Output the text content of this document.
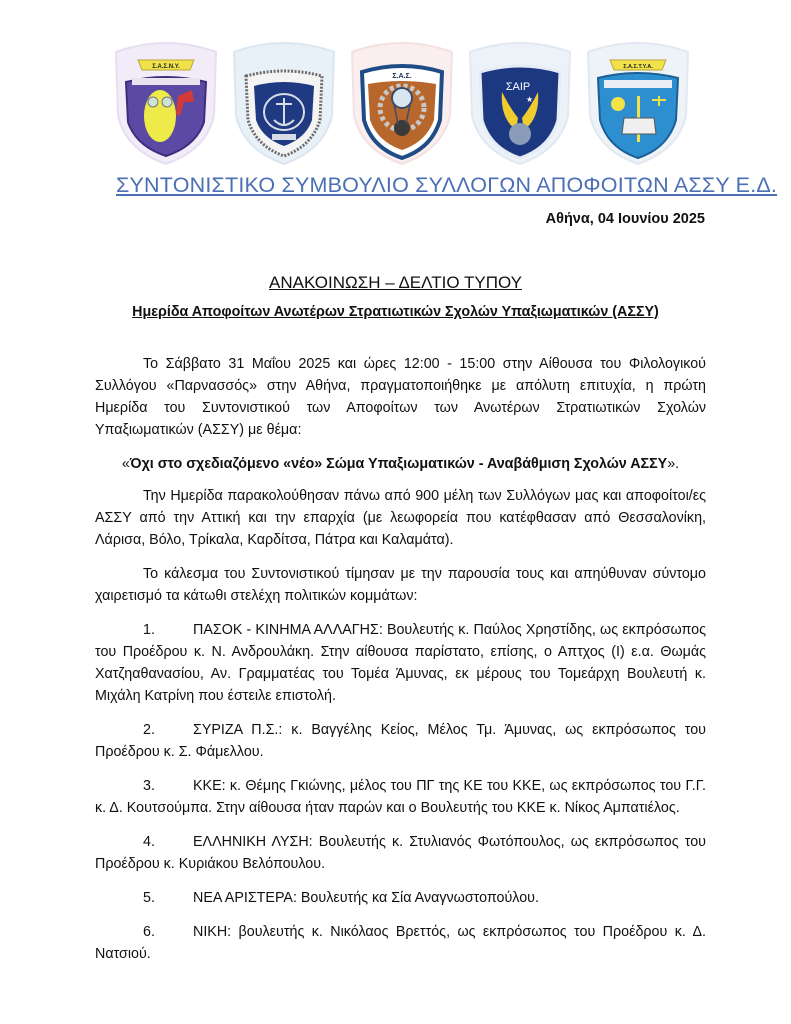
Σ.Α.Σ.Ν.Υ.
Σ.Α.Σ.
ΣΑΙΡ
★
Σ.Α.Σ.Τ.Υ.Α.
ΣΥΝΤΟΝΙΣΤΙΚΟ ΣΥΜΒΟΥΛΙΟ ΣΥΛΛΟΓΩΝ ΑΠΟΦΟΙΤΩΝ ΑΣΣΥ Ε.Δ.
Αθήνα, 04 Ιουνίου 2025
ΑΝΑΚΟΙΝΩΣΗ – ΔΕΛΤΙΟ ΤΥΠΟΥ
Ημερίδα Αποφοίτων Ανωτέρων Στρατιωτικών Σχολών Υπαξιωματικών (ΑΣΣΥ)

Το Σάββατο 31 Μαΐου 2025 και ώρες 12:00 - 15:00 στην Αίθουσα του Φιλολογικού Συλλόγου «Παρνασσός» στην Αθήνα, πραγματοποιήθηκε με απόλυτη επιτυχία, η πρώτη Ημερίδα του Συντονιστικού των Αποφοίτων των Ανωτέρων Στρατιωτικών Σχολών Υπαξιωματικών (ΑΣΣΥ) με θέμα:

«Όχι στο σχεδιαζόμενο «νέο» Σώμα Υπαξιωματικών - Αναβάθμιση Σχολών ΑΣΣΥ».

Την Ημερίδα παρακολούθησαν πάνω από 900 μέλη των Συλλόγων μας και αποφοίτοι/ες ΑΣΣΥ από την Αττική και την επαρχία (με λεωφορεία που κατέφθασαν από Θεσσαλονίκη, Λάρισα, Βόλο, Τρίκαλα, Καρδίτσα, Πάτρα και Καλαμάτα).

Το κάλεσμα του Συντονιστικού τίμησαν με την παρουσία τους και απηύθυναν σύντομο χαιρετισμό τα κάτωθι στελέχη πολιτικών κομμάτων:

1.	ΠΑΣΟΚ - ΚΙΝΗΜΑ ΑΛΛΑΓΗΣ: Βουλευτής κ. Παύλος Χρηστίδης, ως εκπρόσωπος του Προέδρου κ. Ν. Ανδρουλάκη. Στην αίθουσα παρίστατο, επίσης, ο Απτχος (Ι) ε.α. Θωμάς Χατζηαθανασίου, Αν. Γραμματέας του Τομέα Άμυνας, εκ μέρους του Τομεάρχη Βουλευτή κ. Μιχάλη Κατρίνη που έστειλε επιστολή.

2.	ΣΥΡΙΖΑ Π.Σ.: κ. Βαγγέλης Κείος, Μέλος Τμ. Άμυνας, ως εκπρόσωπος του Προέδρου κ. Σ. Φάμελλου.

3.	ΚΚΕ: κ. Θέμης Γκιώνης, μέλος του ΠΓ της ΚΕ του ΚΚΕ, ως εκπρόσωπος του Γ.Γ. κ. Δ. Κουτσούμπα. Στην αίθουσα ήταν παρών και ο Βουλευτής του ΚΚΕ κ. Νίκος Αμπατιέλος.

4.	ΕΛΛΗΝΙΚΗ ΛΥΣΗ: Βουλευτής κ. Στυλιανός Φωτόπουλος, ως εκπρόσωπος του Προέδρου κ. Κυριάκου Βελόπουλου.

5.	ΝΕΑ ΑΡΙΣΤΕΡΑ: Βουλευτής κα Σία Αναγνωστοπούλου.

6.	ΝΙΚΗ: βουλευτής κ. Νικόλαος Βρεττός, ως εκπρόσωπος του Προέδρου κ. Δ. Νατσιού.
